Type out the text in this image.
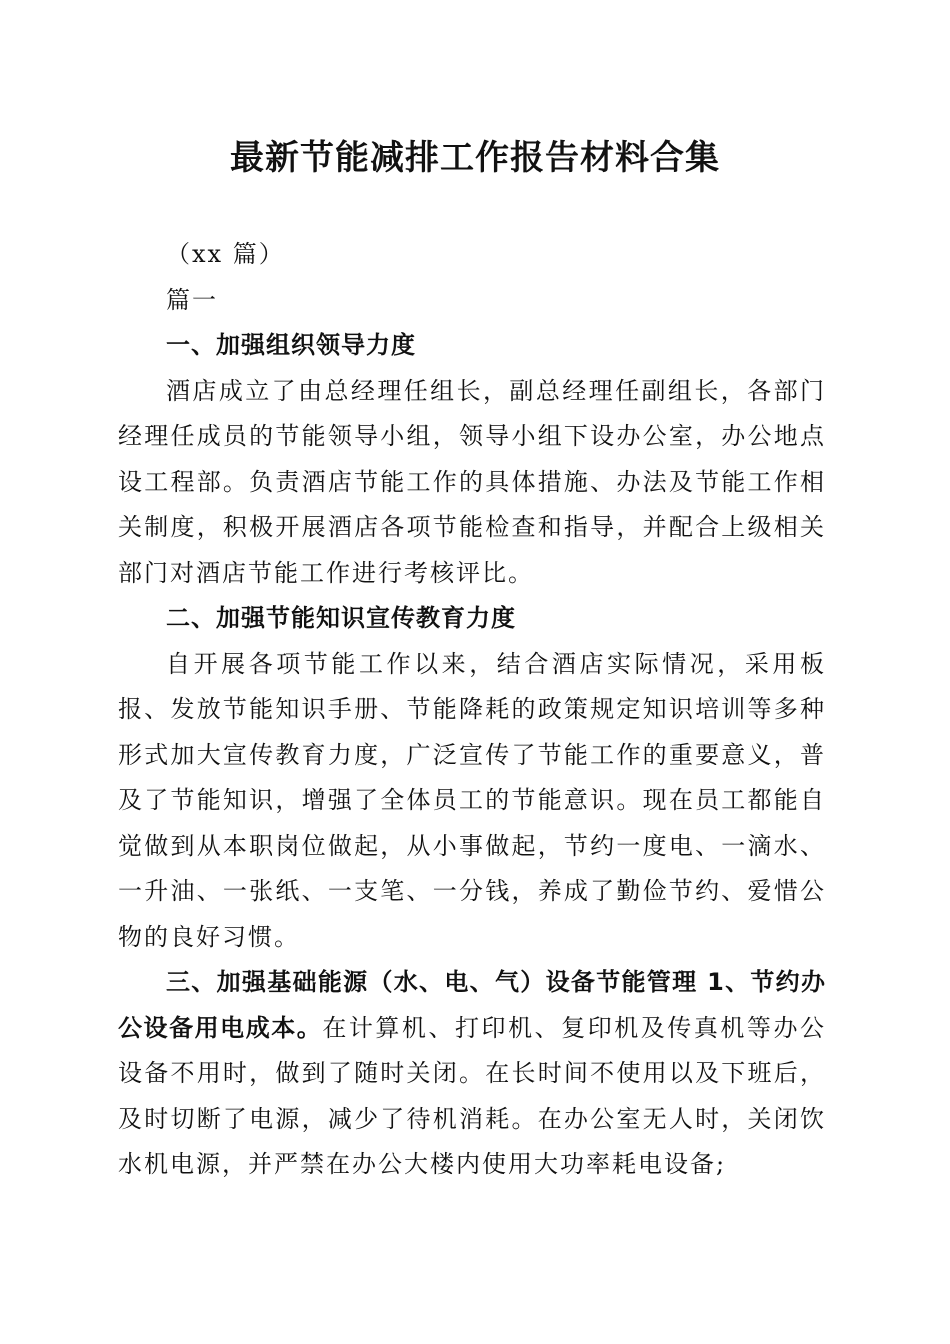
最新节能减排工作报告材料合集

（xx 篇）

篇一

一、加强组织领导力度

酒店成立了由总经理任组长，副总经理任副组长，各部门经理任成员的节能领导小组，领导小组下设办公室，办公地点设工程部。负责酒店节能工作的具体措施、办法及节能工作相关制度，积极开展酒店各项节能检查和指导，并配合上级相关部门对酒店节能工作进行考核评比。

二、加强节能知识宣传教育力度

自开展各项节能工作以来，结合酒店实际情况，采用板报、发放节能知识手册、节能降耗的政策规定知识培训等多种形式加大宣传教育力度，广泛宣传了节能工作的重要意义，普及了节能知识，增强了全体员工的节能意识。现在员工都能自觉做到从本职岗位做起，从小事做起，节约一度电、一滴水、一升油、一张纸、一支笔、一分钱，养成了勤俭节约、爱惜公物的良好习惯。

三、加强基础能源（水、电、气）设备节能管理 1、节约办公设备用电成本。在计算机、打印机、复印机及传真机等办公设备不用时，做到了随时关闭。在长时间不使用以及下班后，及时切断了电源，减少了待机消耗。在办公室无人时，关闭饮水机电源，并严禁在办公大楼内使用大功率耗电设备;
